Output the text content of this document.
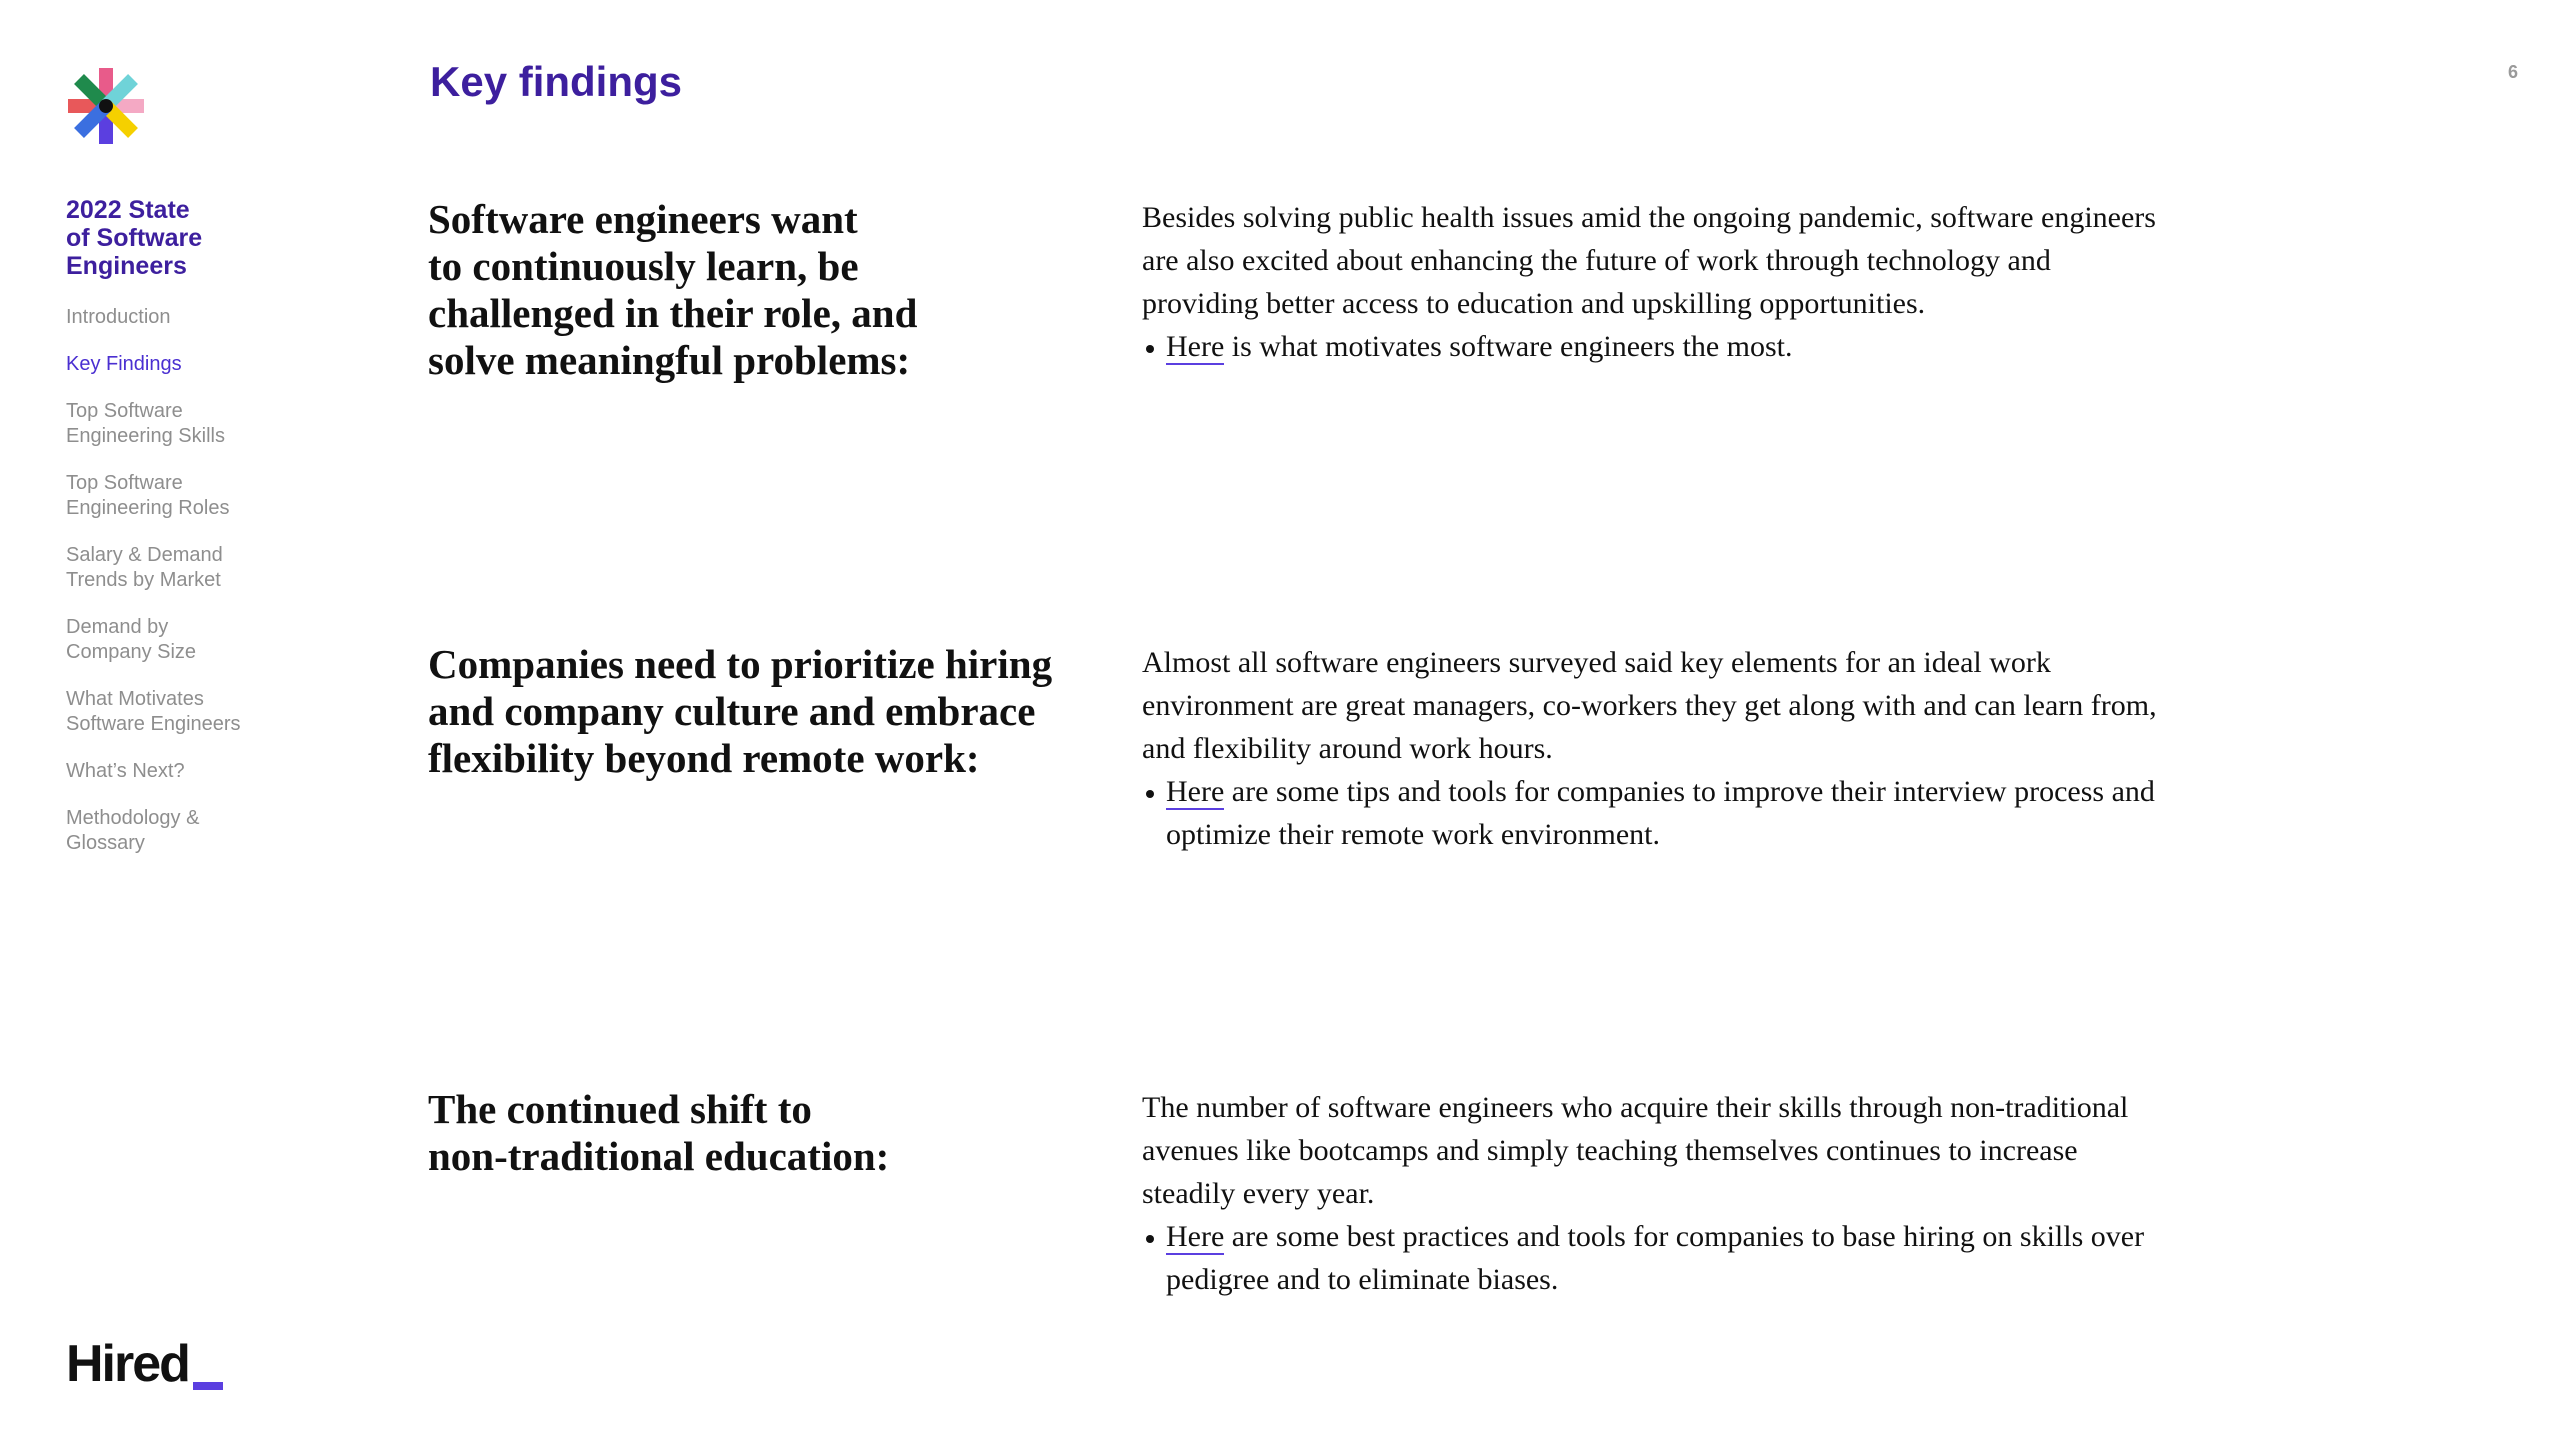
2022 State
of Software
Engineers
Introduction
Key Findings
Top Software
Engineering Skills
Top Software
Engineering Roles
Salary & Demand
Trends by Market
Demand by
Company Size
What Motivates
Software Engineers
What’s Next?
Methodology &
Glossary
Hired
Key findings	6
Software engineers want
to continuously learn, be
challenged in their role, and
solve meaningful problems:

Besides solving public health issues amid the ongoing pandemic, software engineers
are also excited about enhancing the future of work through technology and
providing better access to education and upskilling opportunities.

Here is what motivates software engineers the most.

Companies need to prioritize hiring
and company culture and embrace
flexibility beyond remote work:

Almost all software engineers surveyed said key elements for an ideal work
environment are great managers, co-workers they get along with and can learn from,
and flexibility around work hours.

Here are some tips and tools for companies to improve their interview process and
optimize their remote work environment.

The continued shift to
non-traditional education:

The number of software engineers who acquire their skills through non-traditional
avenues like bootcamps and simply teaching themselves continues to increase
steadily every year.

Here are some best practices and tools for companies to base hiring on skills over
pedigree and to eliminate biases.
